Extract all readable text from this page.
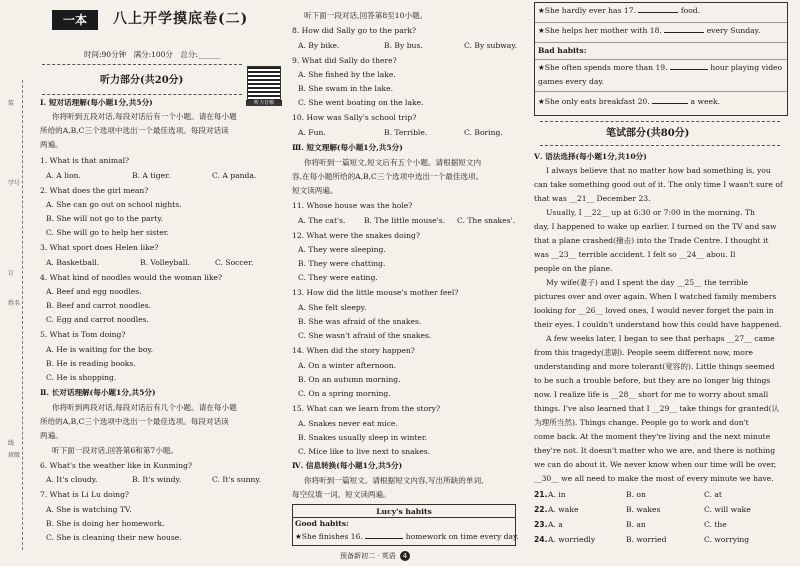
装
学号
订
姓名
线
班级
一本	八上开学摸底卷(二)
时间:90分钟　满分:100分　总分:______
听力部分(共20分)
听力音频
Ⅰ. 短对话理解(每小题1分,共5分)
你将听到五段对话,每段对话后有一个小题。请在每小题
所给的A,B,C三个选项中选出一个最佳选项。每段对话读
两遍。
1. What is that animal?
A. A lion.	B. A tiger.	C. A panda.
2. What does the girl mean?
A. She can go out on school nights.
B. She will not go to the party.
C. She will go to help her sister.
3. What sport does Helen like?
A. Basketball.	B. Volleyball.	C. Soccer.
4. What kind of noodles would the woman like?
A. Beef and egg noodles.
B. Beef and carrot noodles.
C. Egg and carrot noodles.
5. What is Tom doing?
A. He is waiting for the boy.
B. He is reading books.
C. He is shopping.
Ⅱ. 长对话理解(每小题1分,共5分)
你将听到两段对话,每段对话后有几个小题。请在每小题
所给的A,B,C三个选项中选出一个最佳选项。每段对话读
两遍。
听下面一段对话,回答第6和第7小题。
6. What's the weather like in Kunming?
A. It's cloudy.	B. It's windy.	C. It's sunny.
7. What is Li Lu doing?
A. She is watching TV.
B. She is doing her homework.
C. She is cleaning their new house.
听下面一段对话,回答第8至10小题。
8. How did Sally go to the park?
A. By bike.	B. By bus.	C. By subway.
9. What did Sally do there?
A. She fished by the lake.
B. She swam in the lake.
C. She went boating on the lake.
10. How was Sally's school trip?
A. Fun.	B. Terrible.	C. Boring.
Ⅲ. 短文理解(每小题1分,共5分)
你将听到一篇短文,短文后有五个小题。请根据短文内
容,在每小题所给的A,B,C三个选项中选出一个最佳选项。
短文读两遍。
11. Whose house was the hole?
A. The cat's. B. The little mouse's. C. The snakes'.
12. What were the snakes doing?
A. They were sleeping.
B. They were chatting.
C. They were eating.
13. How did the little mouse's mother feel?
A. She felt sleepy.
B. She was afraid of the snakes.
C. She wasn't afraid of the snakes.
14. When did the story happen?
A. On a winter afternoon.
B. On an autumn morning.
C. On a spring morning.
15. What can we learn from the story?
A. Snakes never eat mice.
B. Snakes usually sleep in winter.
C. Mice like to live next to snakes.
Ⅳ. 信息转换(每小题1分,共5分)
你将听到一篇短文。请根据短文内容,写出所缺的单词,
每空仅填一词。短文读两遍。
Lucy's habits
Good habits:
★She finishes 16.	homework on time every day.
★She hardly ever has 17.	food.
★She helps her mother with 18.	every Sunday.
Bad habits:
★She often spends more than 19.	hour playing video
games every day.
★She only eats breakfast 20.	a week.
笔试部分(共80分)
Ⅴ. 语法选择(每小题1分,共10分)
I always believe that no matter how bad something is, you
can take something good out of it. The only time I wasn't sure of
that was __21__ December 23.
Usually, I __22__ up at 6:30 or 7:00 in the morning. Th
day, I happened to wake up earlier. I turned on the TV and saw
that a plane crashed(撞击) into the Trade Centre. I thought it
was __23__ terrible accident. I felt so __24__ abou. Il
people on the plane.
My wife(妻子) and I spent the day __25__ the terrible
pictures over and over again. When I watched family members
looking for __26__ loved ones, I would never forget the pain in
their eyes. I couldn't understand how this could have happened.
A few weeks later, I began to see that perhaps __27__ came
from this tragedy(悲剧). People seem different now, more
understanding and more tolerant(宽容的). Little things seemed
to be such a trouble before, but they are no longer big things
now. I realize life is __28__ short for me to worry about small
things. I've also learned that I __29__ take things for granted(认
为理所当然). Things change. People go to work and don't
come back. At the moment they're living and the next minute
they're not. It doesn't matter who we are, and there is nothing
we can do about it. We never know when our time will be over,
__30__ we all need to make the most of every minute we have.
21. A. in	B. on	C. at
22. A. wake	B. wakes	C. will wake
23. A. a	B. an	C. the
24. A. worriedly	B. worried	C. worrying
预备新初二 · 英语 4
